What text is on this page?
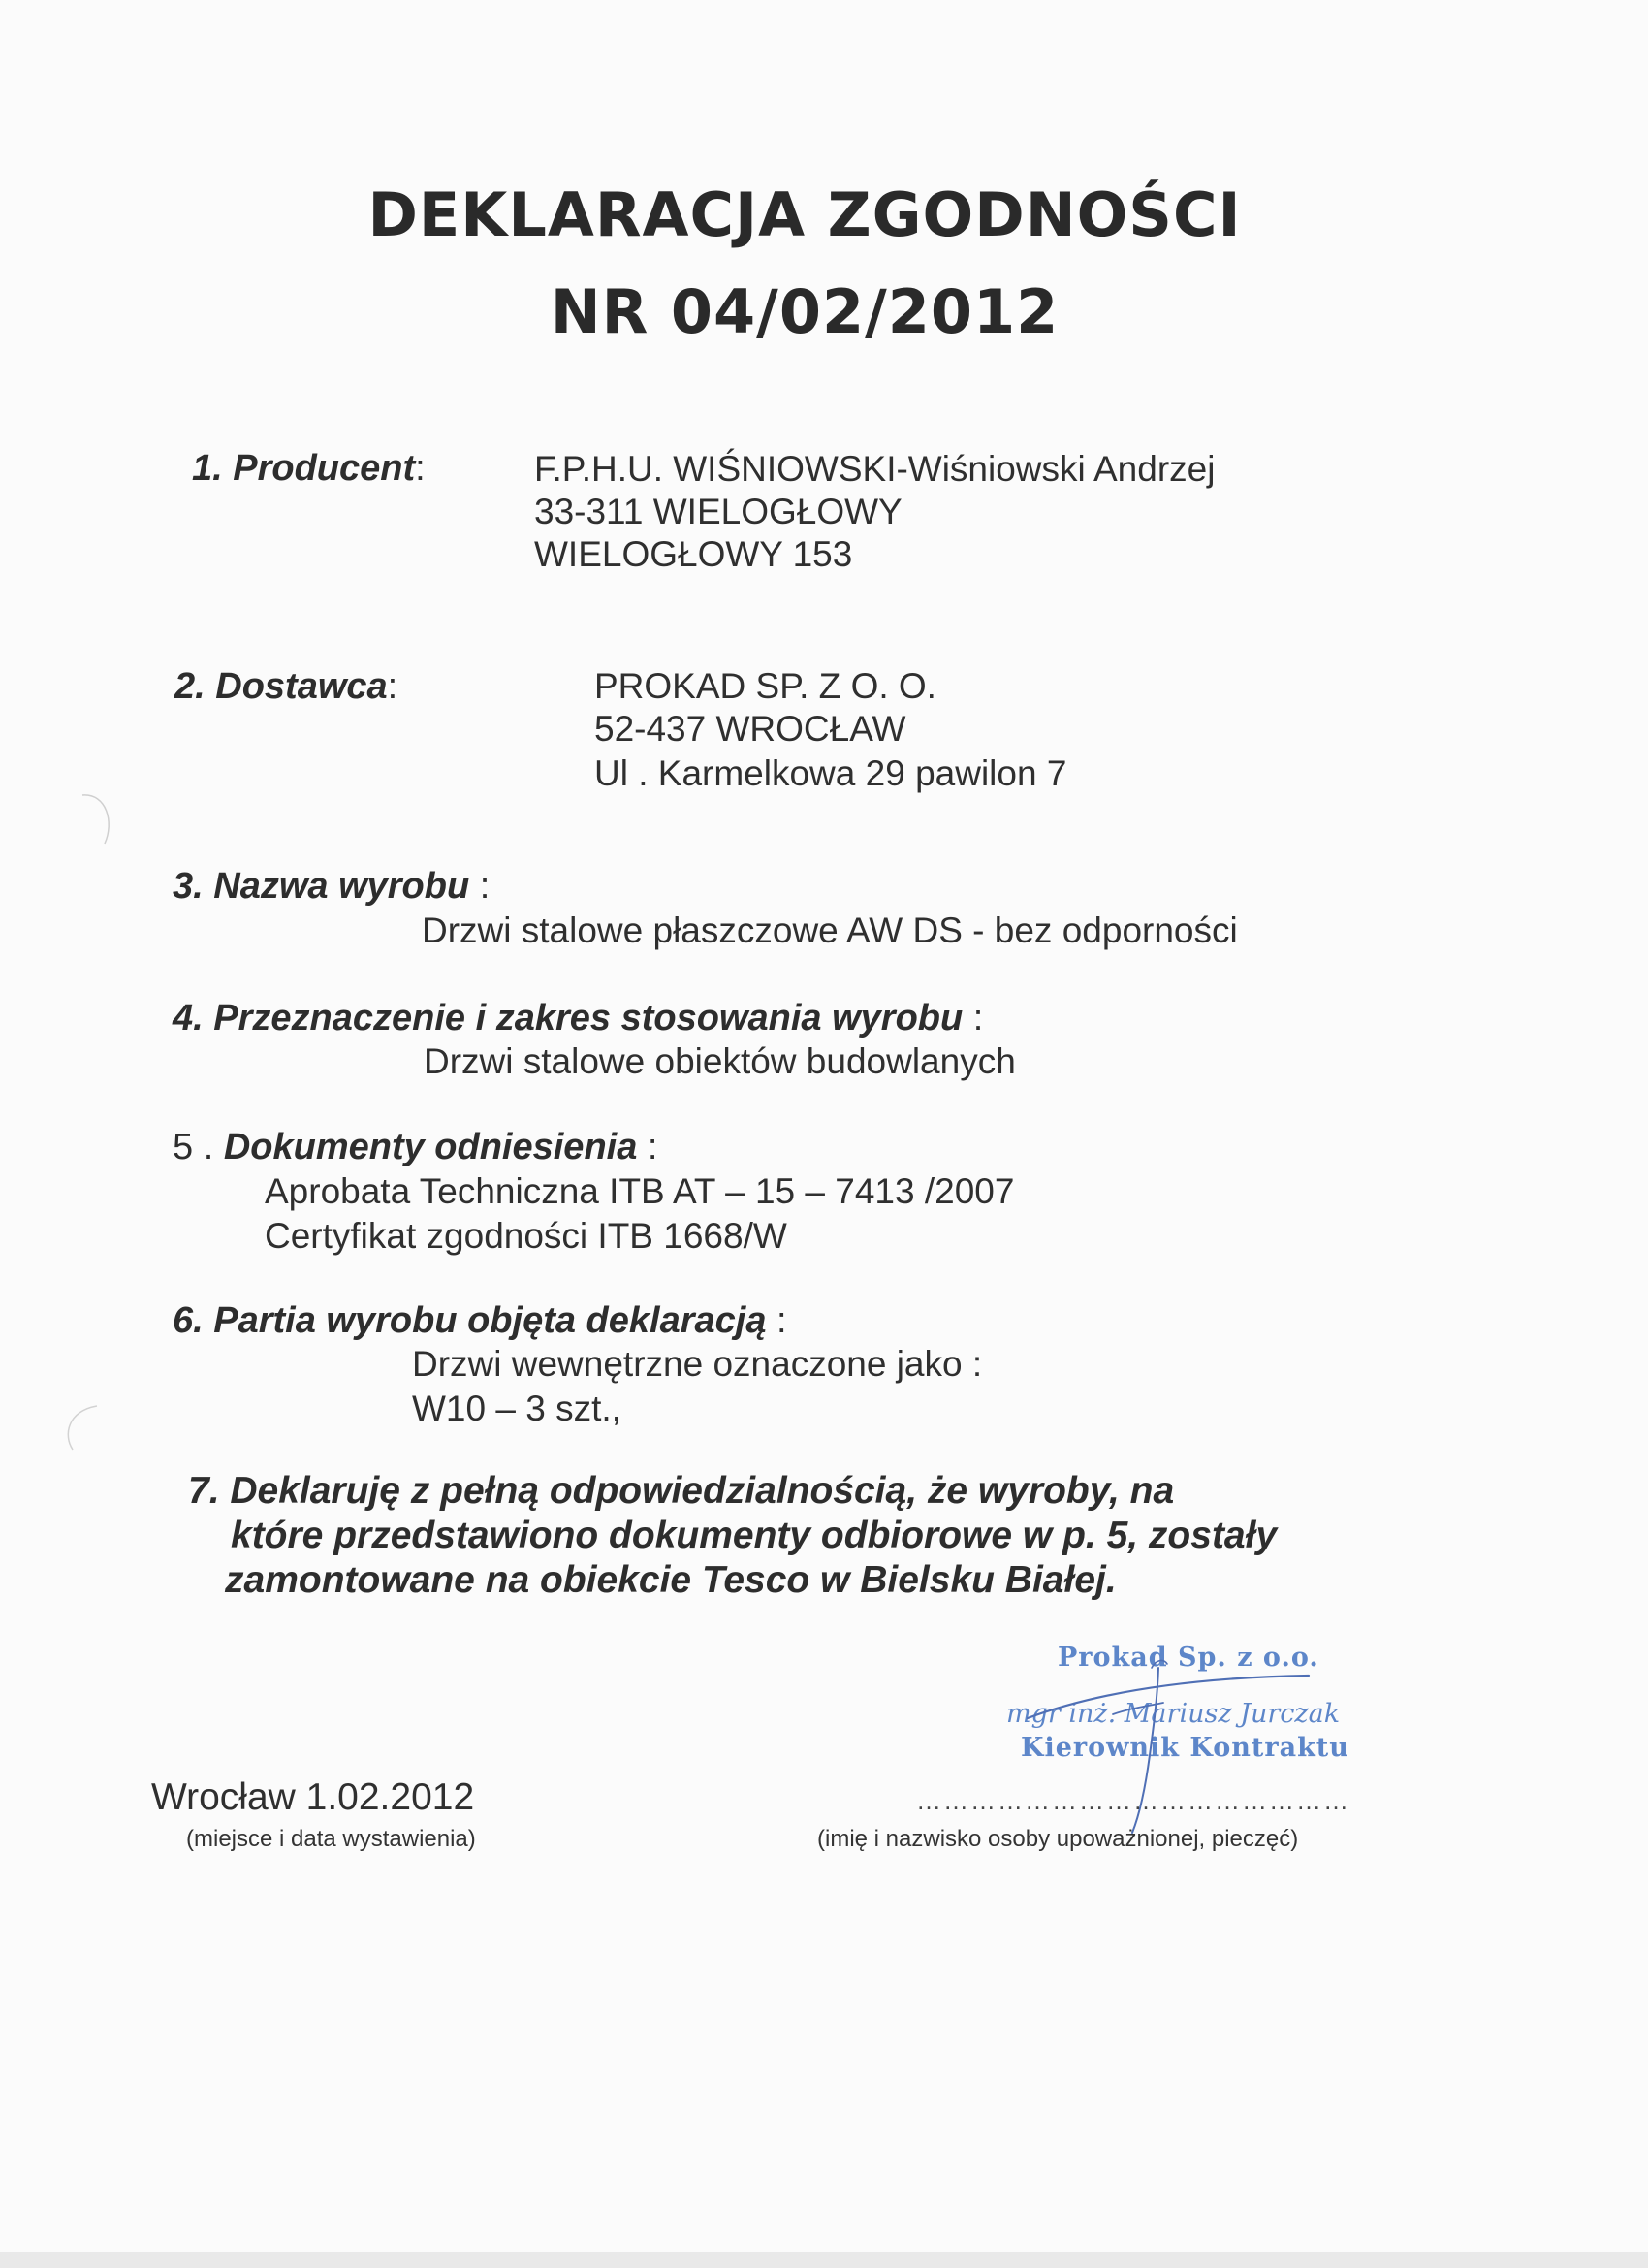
DEKLARACJA ZGODNOŚCI
NR 04/02/2012
1. Producent:	F.P.H.U. WIŚNIOWSKI-Wiśniowski Andrzej
33-311 WIELOGŁOWY
WIELOGŁOWY 153
2. Dostawca:	PROKAD SP. Z O. O.
52-437 WROCŁAW
Ul . Karmelkowa 29 pawilon 7
3. Nazwa wyrobu :
Drzwi stalowe płaszczowe AW DS - bez odporności
4. Przeznaczenie i zakres stosowania wyrobu :
Drzwi stalowe obiektów budowlanych
5 . Dokumenty odniesienia :
Aprobata Techniczna ITB AT – 15 – 7413 /2007
Certyfikat zgodności ITB 1668/W
6. Partia wyrobu objęta deklaracją :
Drzwi wewnętrzne oznaczone jako :
W10 – 3 szt.,
7. Deklaruję z pełną odpowiedzialnością, że wyroby, na
które przedstawiono dokumenty odbiorowe w p. 5, zostały
zamontowane na obiekcie Tesco w Bielsku Białej.
Prokad Sp. z o.o.
mgr inż. Mariusz Jurczak
Kierownik Kontraktu
Wrocław 1.02.2012
(miejsce i data wystawienia)
…………………………………………
(imię i nazwisko osoby upoważnionej, pieczęć)
